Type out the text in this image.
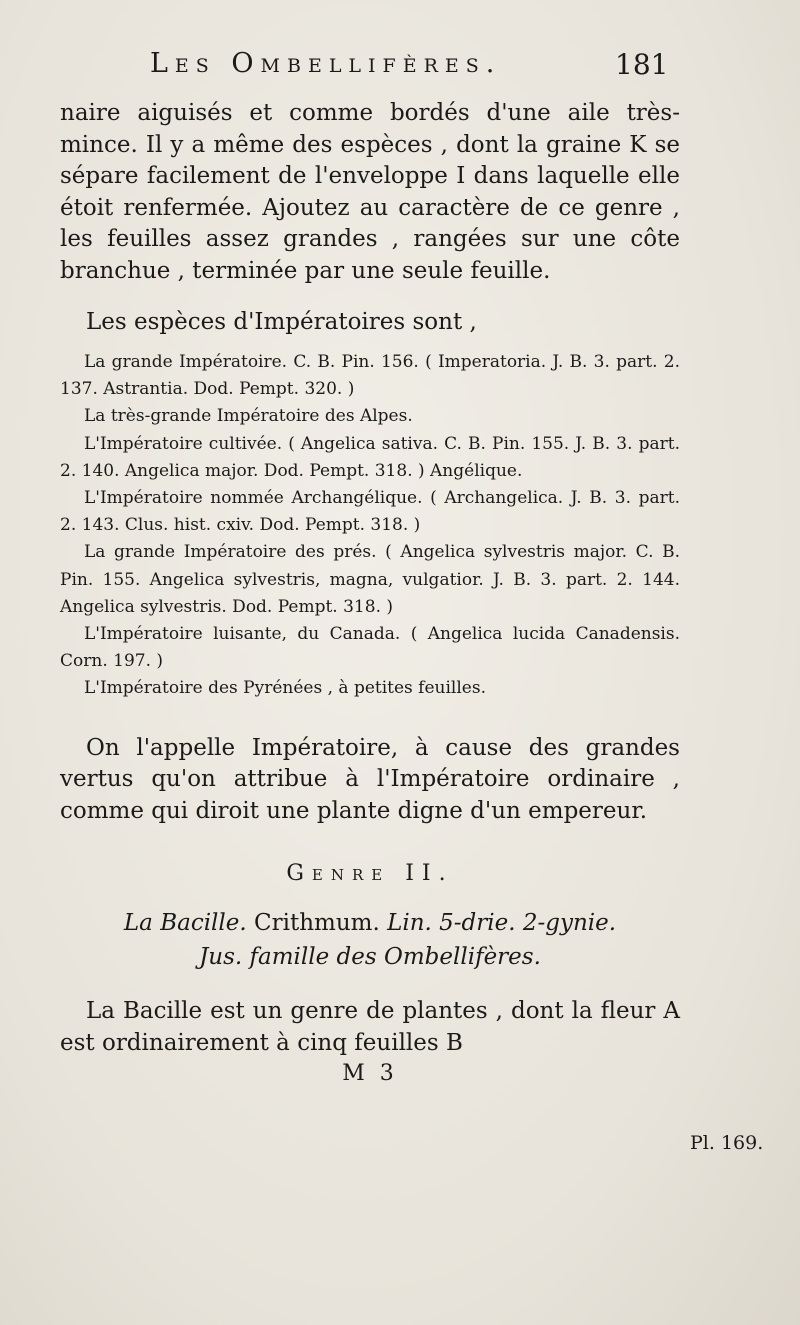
Les Ombellifères.	181

naire aiguisés et comme bordés d'une aile très-mince. Il y a même des espèces , dont la graine K se sépare facilement de l'enveloppe I dans laquelle elle étoit renfermée. Ajoutez au caractère de ce genre , les feuilles assez grandes , rangées sur une côte branchue , terminée par une seule feuille.

Les espèces d'Impératoires sont ,

La grande Impératoire. C. B. Pin. 156. ( Imperatoria. J. B. 3. part. 2. 137. Astrantia. Dod. Pempt. 320. )

La très-grande Impératoire des Alpes.

L'Impératoire cultivée. ( Angelica sativa. C. B. Pin. 155. J. B. 3. part. 2. 140. Angelica major. Dod. Pempt. 318. ) Angélique.

L'Impératoire nommée Archangélique. ( Archangelica. J. B. 3. part. 2. 143. Clus. hist. cxiv. Dod. Pempt. 318. )

La grande Impératoire des prés. ( Angelica sylvestris major. C. B. Pin. 155. Angelica sylvestris, magna, vulgatior. J. B. 3. part. 2. 144. Angelica sylvestris. Dod. Pempt. 318. )

L'Impératoire luisante, du Canada. ( Angelica lucida Canadensis. Corn. 197. )

L'Impératoire des Pyrénées , à petites feuilles.

On l'appelle Impératoire, à cause des grandes vertus qu'on attribue à l'Impératoire ordinaire , comme qui diroit une plante digne d'un empereur.

Genre II.

La Bacille. Crithmum. Lin. 5-drie. 2-gynie.

Jus. famille des Ombellifères.

La Bacille est un genre de plantes , dont la fleur A est ordinairement à cinq feuilles B

M 3
Pl. 169.
